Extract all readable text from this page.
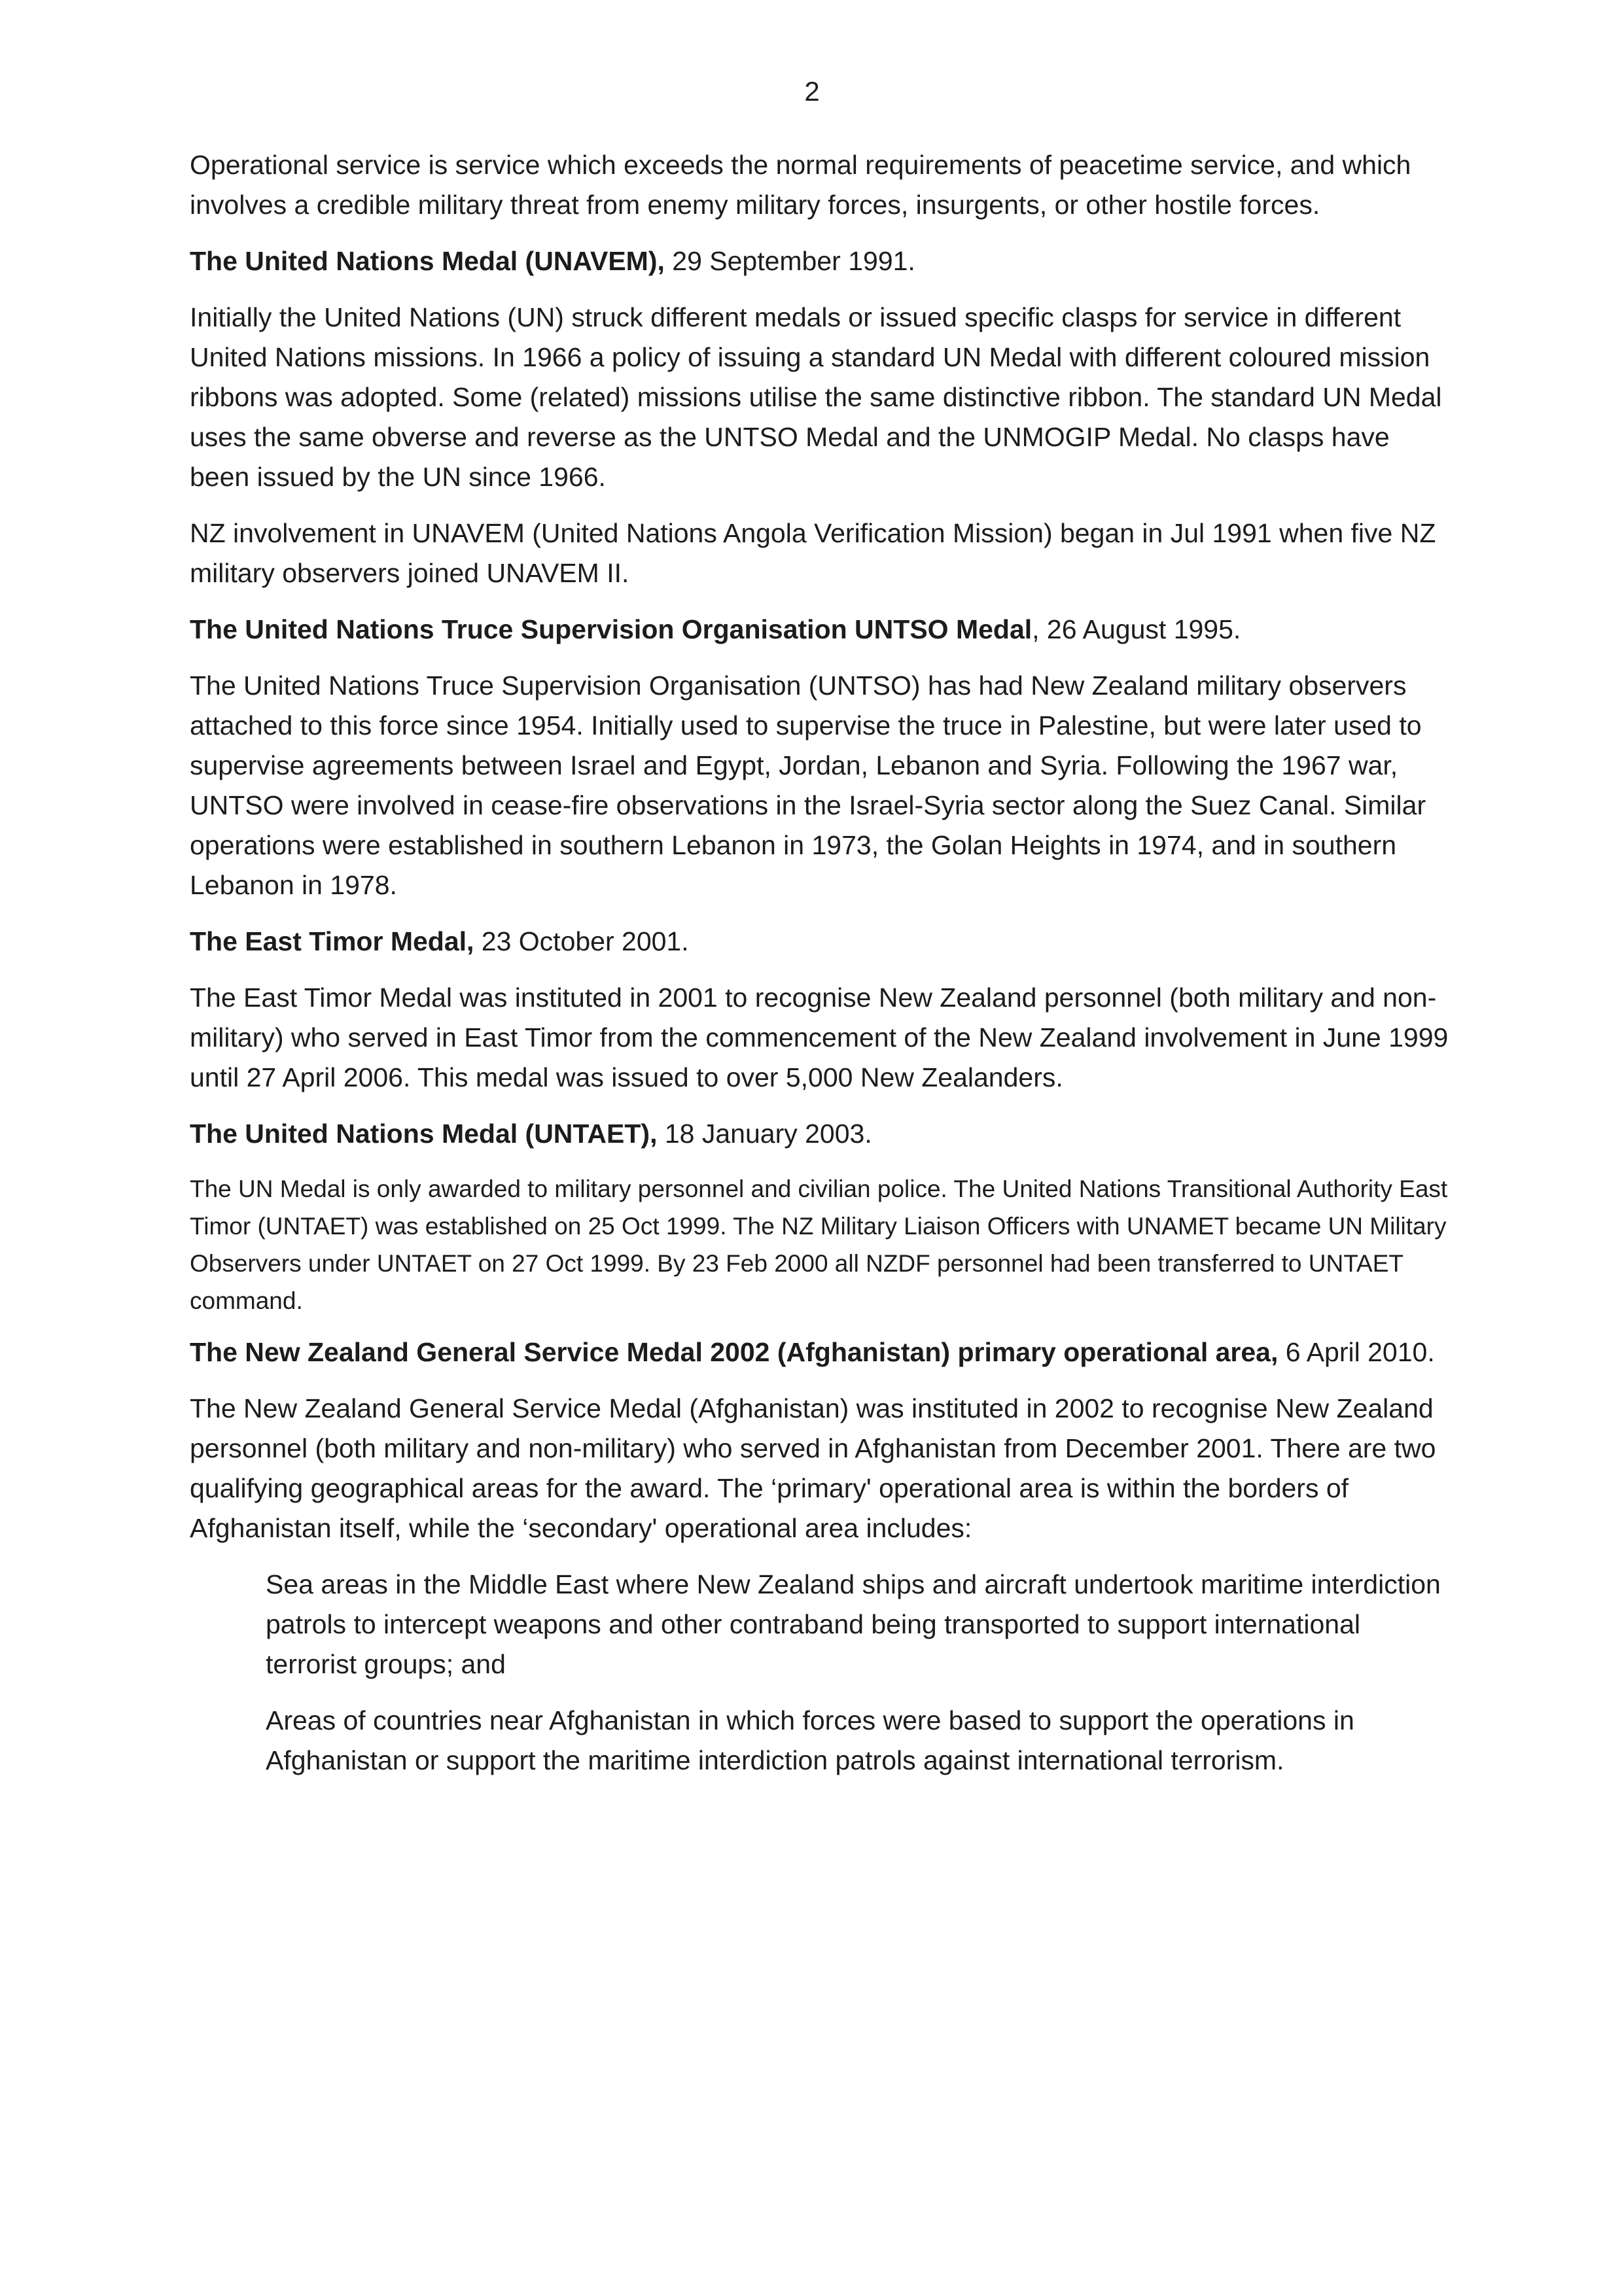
2

Operational service is service which exceeds the normal requirements of peacetime service, and which involves a credible military threat from enemy military forces, insurgents, or other hostile forces.

The United Nations Medal (UNAVEM), 29 September 1991.

Initially the United Nations (UN) struck different medals or issued specific clasps for service in different United Nations missions. In 1966 a policy of issuing a standard UN Medal with different coloured mission ribbons was adopted. Some (related) missions utilise the same distinctive ribbon. The standard UN Medal uses the same obverse and reverse as the UNTSO Medal and the UNMOGIP Medal. No clasps have been issued by the UN since 1966.

NZ involvement in UNAVEM (United Nations Angola Verification Mission) began in Jul 1991 when five NZ military observers joined UNAVEM II.

The United Nations Truce Supervision Organisation UNTSO Medal, 26 August 1995.

The United Nations Truce Supervision Organisation (UNTSO) has had New Zealand military observers attached to this force since 1954. Initially used to supervise the truce in Palestine, but were later used to supervise agreements between Israel and Egypt, Jordan, Lebanon and Syria. Following the 1967 war, UNTSO were involved in cease-fire observations in the Israel-Syria sector along the Suez Canal. Similar operations were established in southern Lebanon in 1973, the Golan Heights in 1974, and in southern Lebanon in 1978.

The East Timor Medal, 23 October 2001.

The East Timor Medal was instituted in 2001 to recognise New Zealand personnel (both military and non-military) who served in East Timor from the commencement of the New Zealand involvement in June 1999 until 27 April 2006. This medal was issued to over 5,000 New Zealanders.

The United Nations Medal (UNTAET), 18 January 2003.

The UN Medal is only awarded to military personnel and civilian police. The United Nations Transitional Authority East Timor (UNTAET) was established on 25 Oct 1999. The NZ Military Liaison Officers with UNAMET became UN Military Observers under UNTAET on 27 Oct 1999. By 23 Feb 2000 all NZDF personnel had been transferred to UNTAET command.

The New Zealand General Service Medal 2002 (Afghanistan) primary operational area, 6 April 2010.

The New Zealand General Service Medal (Afghanistan) was instituted in 2002 to recognise New Zealand personnel (both military and non-military) who served in Afghanistan from December 2001. There are two qualifying geographical areas for the award. The ‘primary' operational area is within the borders of Afghanistan itself, while the ‘secondary' operational area includes:

Sea areas in the Middle East where New Zealand ships and aircraft undertook maritime interdiction patrols to intercept weapons and other contraband being transported to support international terrorist groups; and

Areas of countries near Afghanistan in which forces were based to support the operations in Afghanistan or support the maritime interdiction patrols against international terrorism.
